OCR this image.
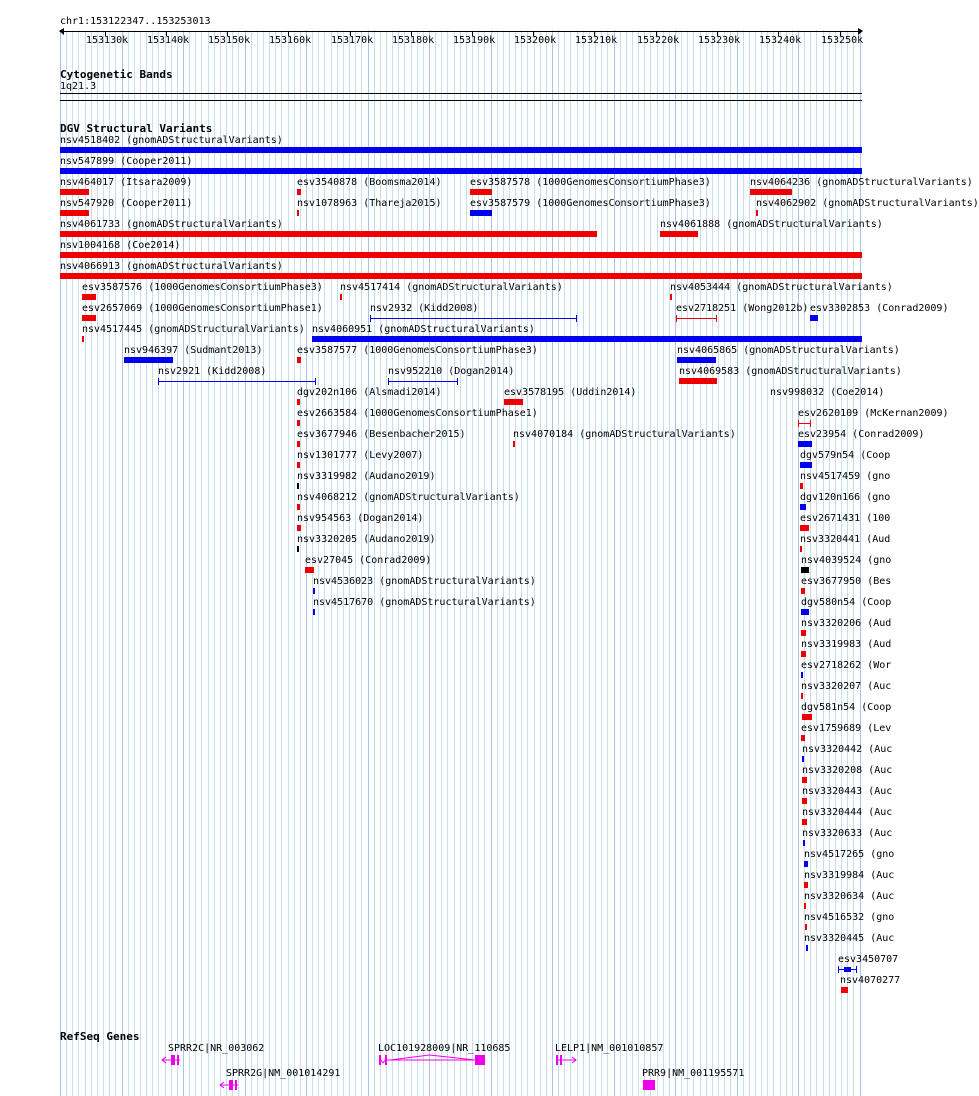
chr1:153122347..153253013
153130k 153140k 153150k 153160k 153170k 153180k 153190k 153200k 153210k 153220k 153230k 153240k 153250k
Cytogenetic Bands
1q21.3
DGV Structural Variants
nsv4518402 (gnomADStructuralVariants)
nsv547899 (Cooper2011)
nsv464017 (Itsara2009)	esv3540878 (Boomsma2014)	esv3587578 (1000GenomesConsortiumPhase3)	nsv4064236 (gnomADStructuralVariants)
nsv547920 (Cooper2011)	nsv1078963 (Thareja2015)	esv3587579 (1000GenomesConsortiumPhase3)	nsv4062902 (gnomADStructuralVariants)
nsv4061733 (gnomADStructuralVariants)	nsv4061888 (gnomADStructuralVariants)
nsv1004168 (Coe2014)
nsv4066913 (gnomADStructuralVariants)
esv3587576 (1000GenomesConsortiumPhase3) nsv4517414 (gnomADStructuralVariants)	nsv4053444 (gnomADStructuralVariants)
esv2657069 (1000GenomesConsortiumPhase1)	nsv2932 (Kidd2008)	esv2718251 (Wong2012b) esv3302853 (Conrad2009)
nsv4517445 (gnomADStructuralVariants) nsv4060951 (gnomADStructuralVariants)
nsv946397 (Sudmant2013)	esv3587577 (1000GenomesConsortiumPhase3)	nsv4065865 (gnomADStructuralVariants)
nsv2921 (Kidd2008)	nsv952210 (Dogan2014)	nsv4069583 (gnomADStructuralVariants)
dgv202n106 (Alsmadi2014)	esv3578195 (Uddin2014)	nsv998032 (Coe2014)
esv2663584 (1000GenomesConsortiumPhase1)	esv2620109 (McKernan2009)
esv3677946 (Besenbacher2015)	nsv4070184 (gnomADStructuralVariants)	esv23954 (Conrad2009)
nsv1301777 (Levy2007)	dgv579n54 (Coop
nsv3319982 (Audano2019)	nsv4517459 (gno
nsv4068212 (gnomADStructuralVariants)	dgv120n166 (gno
nsv954563 (Dogan2014)	esv2671431 (100
nsv3320205 (Audano2019)	nsv3320441 (Aud
esv27045 (Conrad2009)	nsv4039524 (gno
nsv4536023 (gnomADStructuralVariants)	esv3677950 (Bes
nsv4517670 (gnomADStructuralVariants)	dgv580n54 (Coop
nsv3320206 (Aud
nsv3319983 (Aud
esv2718262 (Wor
nsv3320207 (Auc
dgv581n54 (Coop
esv1759689 (Lev
nsv3320442 (Auc
nsv3320208 (Auc
nsv3320443 (Auc
nsv3320444 (Auc
nsv3320633 (Auc
nsv4517265 (gno
nsv3319984 (Auc
nsv3320634 (Auc
nsv4516532 (gno
nsv3320445 (Auc
esv3450707
nsv4070277
RefSeq Genes
SPRR2C|NR_003062	LOC101928009|NR_110685	LELP1|NM_001010857
SPRR2G|NM_001014291	PRR9|NM_001195571
